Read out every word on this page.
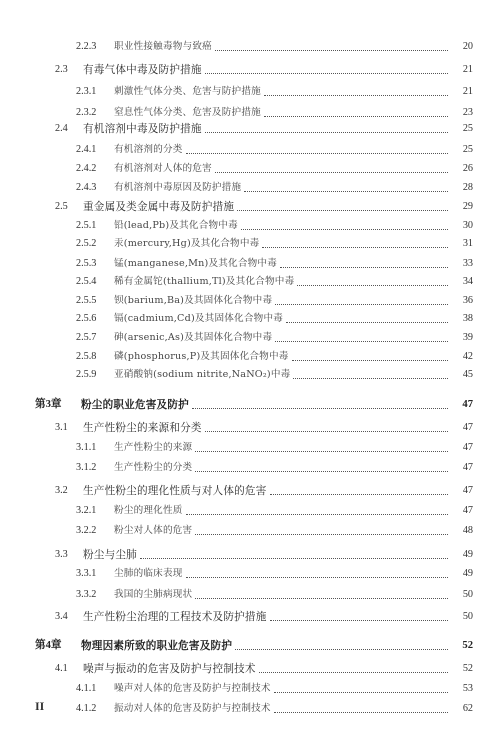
2.2.3	职业性接触毒物与致癌	20
2.3	有毒气体中毒及防护措施	21
2.3.1	刺激性气体分类、危害与防护措施	21
2.3.2	窒息性气体分类、危害及防护措施	23
2.4	有机溶剂中毒及防护措施	25
2.4.1	有机溶剂的分类	25
2.4.2	有机溶剂对人体的危害	26
2.4.3	有机溶剂中毒原因及防护措施	28
2.5	重金属及类金属中毒及防护措施	29
2.5.1	铅(lead,Pb)及其化合物中毒	30
2.5.2	汞(mercury,Hg)及其化合物中毒	31
2.5.3	锰(manganese,Mn)及其化合物中毒	33
2.5.4	稀有金属铊(thallium,Tl)及其化合物中毒	34
2.5.5	钡(barium,Ba)及其固体化合物中毒	36
2.5.6	镉(cadmium,Cd)及其固体化合物中毒	38
2.5.7	砷(arsenic,As)及其固体化合物中毒	39
2.5.8	磷(phosphorus,P)及其固体化合物中毒	42
2.5.9	亚硝酸钠(sodium nitrite,NaNO₂)中毒	45
第3章	粉尘的职业危害及防护	47
3.1	生产性粉尘的来源和分类	47
3.1.1	生产性粉尘的来源	47
3.1.2	生产性粉尘的分类	47
3.2	生产性粉尘的理化性质与对人体的危害	47
3.2.1	粉尘的理化性质	47
3.2.2	粉尘对人体的危害	48
3.3	粉尘与尘肺	49
3.3.1	尘肺的临床表现	49
3.3.2	我国的尘肺病现状	50
3.4	生产性粉尘治理的工程技术及防护措施	50
第4章	物理因素所致的职业危害及防护	52
4.1	噪声与振动的危害及防护与控制技术	52
4.1.1	噪声对人体的危害及防护与控制技术	53
4.1.2	振动对人体的危害及防护与控制技术	62
II
